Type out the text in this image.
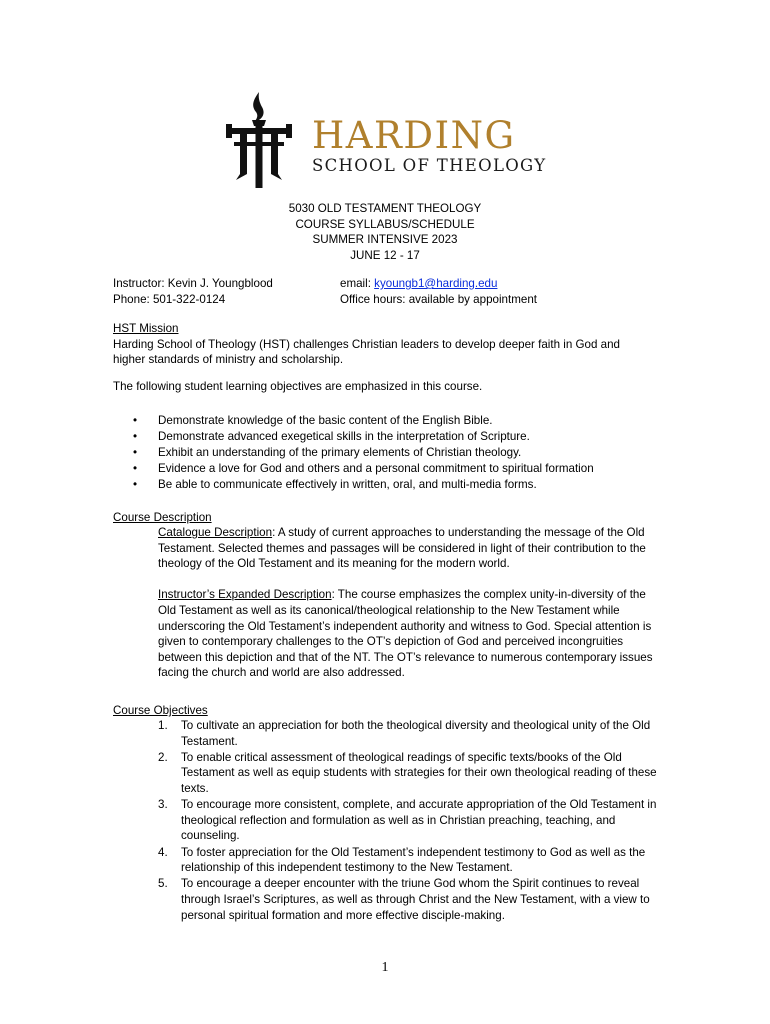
HARDING
SCHOOL OF THEOLOGY
5030 OLD TESTAMENT THEOLOGY
COURSE SYLLABUS/SCHEDULE
SUMMER INTENSIVE 2023
JUNE 12 - 17
Instructor: Kevin J. Youngblood	email: kyoungb1@harding.edu
Phone: 501-322-0124	Office hours: available by appointment
HST Mission
Harding School of Theology (HST) challenges Christian leaders to develop deeper faith in God and higher standards of ministry and scholarship.
The following student learning objectives are emphasized in this course.
• Demonstrate knowledge of the basic content of the English Bible.
• Demonstrate advanced exegetical skills in the interpretation of Scripture.
• Exhibit an understanding of the primary elements of Christian theology.
• Evidence a love for God and others and a personal commitment to spiritual formation
• Be able to communicate effectively in written, oral, and multi-media forms.
Course Description

Catalogue Description: A study of current approaches to understanding the message of the Old Testament. Selected themes and passages will be considered in light of their contribution to the theology of the Old Testament and its meaning for the modern world.

Instructor’s Expanded Description: The course emphasizes the complex unity-in-diversity of the Old Testament as well as its canonical/theological relationship to the New Testament while underscoring the Old Testament’s independent authority and witness to God. Special attention is given to contemporary challenges to the OT’s depiction of God and perceived incongruities between this depiction and that of the NT. The OT’s relevance to numerous contemporary issues facing the church and world are also addressed.

Course Objectives
1. To cultivate an appreciation for both the theological diversity and theological unity of the Old Testament.
2. To enable critical assessment of theological readings of specific texts/books of the Old Testament as well as equip students with strategies for their own theological reading of these texts.
3. To encourage more consistent, complete, and accurate appropriation of the Old Testament in theological reflection and formulation as well as in Christian preaching, teaching, and counseling.
4. To foster appreciation for the Old Testament’s independent testimony to God as well as the relationship of this independent testimony to the New Testament.
5. To encourage a deeper encounter with the triune God whom the Spirit continues to reveal through Israel’s Scriptures, as well as through Christ and the New Testament, with a view to personal spiritual formation and more effective disciple-making.
1
